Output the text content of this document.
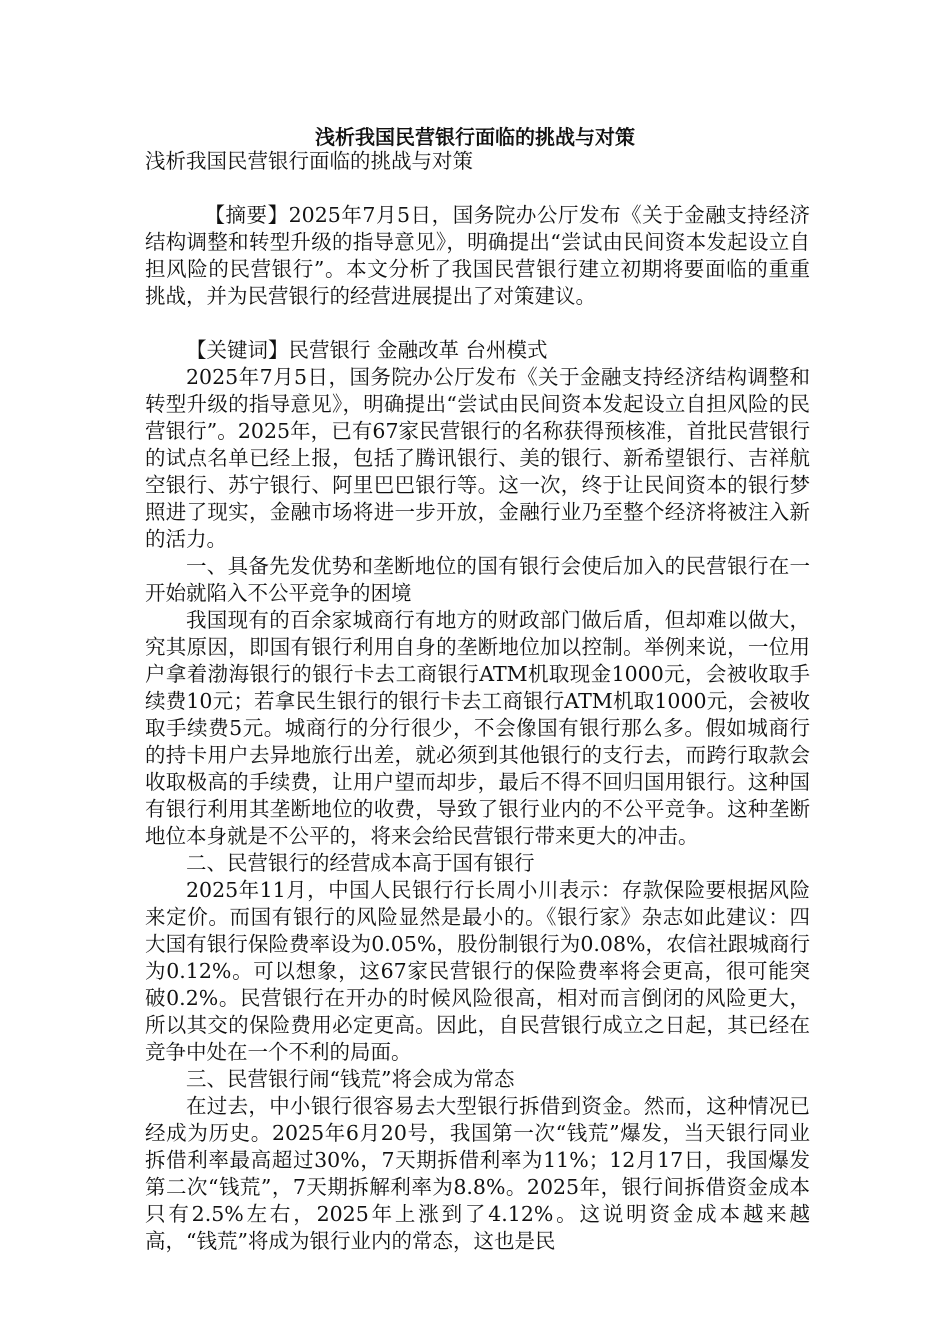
浅析我国民营银行面临的挑战与对策

浅析我国民营银行面临的挑战与对策

【摘要】2025年7月5日，国务院办公厅发布《关于金融支持经济结构调整和转型升级的指导意见》，明确提出“尝试由民间资本发起设立自担风险的民营银行”。本文分析了我国民营银行建立初期将要面临的重重挑战，并为民营银行的经营进展提出了对策建议。

【关键词】民营银行 金融改革 台州模式

2025年7月5日，国务院办公厅发布《关于金融支持经济结构调整和转型升级的指导意见》，明确提出“尝试由民间资本发起设立自担风险的民营银行”。2025年，已有67家民营银行的名称获得预核准，首批民营银行的试点名单已经上报，包括了腾讯银行、美的银行、新希望银行、吉祥航空银行、苏宁银行、阿里巴巴银行等。这一次，终于让民间资本的银行梦照进了现实，金融市场将进一步开放，金融行业乃至整个经济将被注入新的活力。

一、具备先发优势和垄断地位的国有银行会使后加入的民营银行在一开始就陷入不公平竞争的困境

我国现有的百余家城商行有地方的财政部门做后盾，但却难以做大，究其原因，即国有银行利用自身的垄断地位加以控制。举例来说，一位用户拿着渤海银行的银行卡去工商银行ATM机取现金1000元，会被收取手续费10元；若拿民生银行的银行卡去工商银行ATM机取1000元，会被收取手续费5元。城商行的分行很少，不会像国有银行那么多。假如城商行的持卡用户去异地旅行出差，就必须到其他银行的支行去，而跨行取款会收取极高的手续费，让用户望而却步，最后不得不回归国用银行。这种国有银行利用其垄断地位的收费，导致了银行业内的不公平竞争。这种垄断地位本身就是不公平的，将来会给民营银行带来更大的冲击。

二、民营银行的经营成本高于国有银行

2025年11月，中国人民银行行长周小川表示：存款保险要根据风险来定价。而国有银行的风险显然是最小的。《银行家》杂志如此建议：四大国有银行保险费率设为0.05%，股份制银行为0.08%，农信社跟城商行为0.12%。可以想象，这67家民营银行的保险费率将会更高，很可能突破0.2%。民营银行在开办的时候风险很高，相对而言倒闭的风险更大，所以其交的保险费用必定更高。因此，自民营银行成立之日起，其已经在竞争中处在一个不利的局面。

三、民营银行闹“钱荒”将会成为常态

在过去，中小银行很容易去大型银行拆借到资金。然而，这种情况已经成为历史。2025年6月20号，我国第一次“钱荒”爆发，当天银行同业拆借利率最高超过30%，7天期拆借利率为11%；12月17日，我国爆发第二次“钱荒”，7天期拆解利率为8.8%。2025年，银行间拆借资金成本只有2.5%左右，2025年上涨到了4.12%。这说明资金成本越来越高，“钱荒”将成为银行业内的常态，这也是民
